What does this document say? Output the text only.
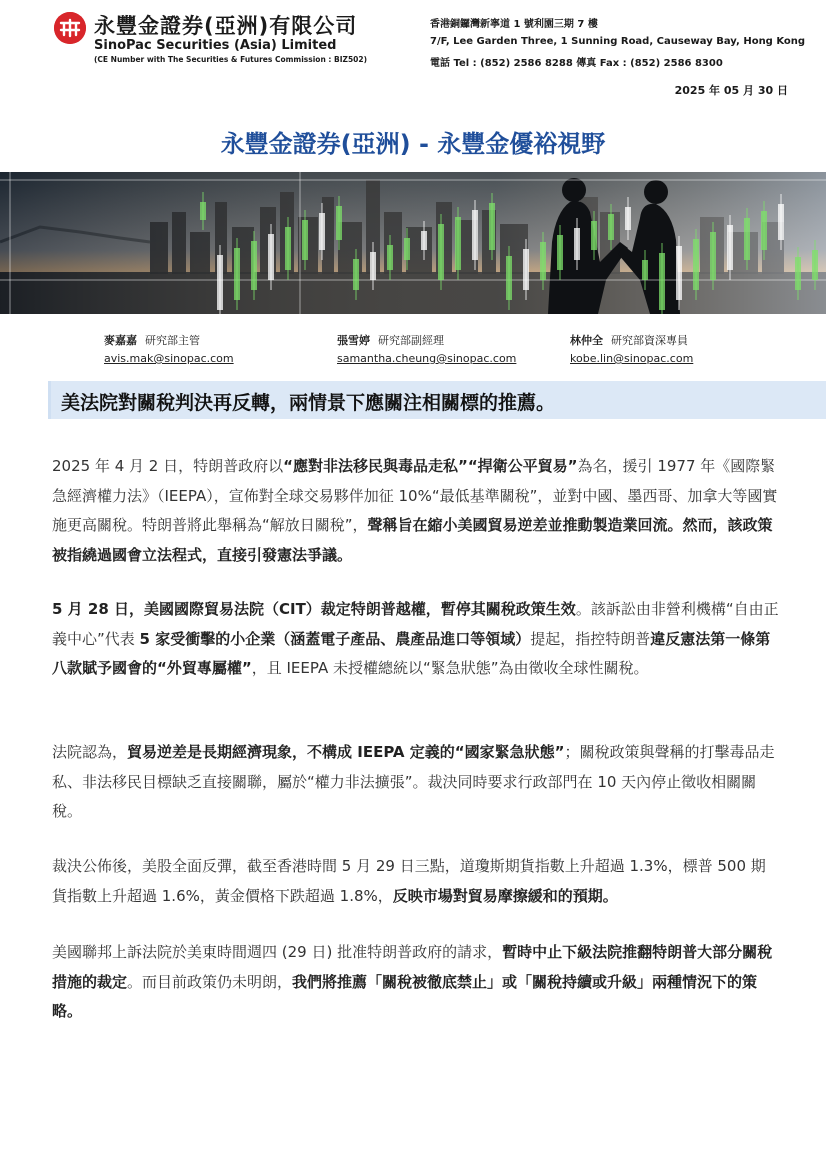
永豐金證券(亞洲)有限公司
SinoPac Securities (Asia) Limited
(CE Number with The Securities & Futures Commission : BIZ502)
香港銅鑼灣新寧道 1 號利園三期 7 樓
7/F, Lee Garden Three, 1 Sunning Road, Causeway Bay, Hong Kong
電話 Tel : (852) 2586 8288 傳真 Fax : (852) 2586 8300
2025 年 05 月 30 日
永豐金證券(亞洲) - 永豐金優裕視野
麥嘉嘉 研究部主管
avis.mak@sinopac.com
張雪婷 研究部副經理
samantha.cheung@sinopac.com
林仲全 研究部資深專員
kobe.lin@sinopac.com
美法院對關稅判決再反轉，兩情景下應關注相關標的推薦。
2025 年 4 月 2 日，特朗普政府以“應對非法移民與毒品走私”“捍衛公平貿易”為名，援引 1977 年《國際緊急經濟權力法》（IEEPA），宣佈對全球交易夥伴加征 10%“最低基準關稅”，並對中國、墨西哥、加拿大等國實施更高關稅。特朗普將此舉稱為“解放日關稅”，聲稱旨在縮小美國貿易逆差並推動製造業回流。然而，該政策被指繞過國會立法程式，直接引發憲法爭議。
5 月 28 日，美國國際貿易法院（CIT）裁定特朗普越權，暫停其關稅政策生效。該訴訟由非營利機構“自由正義中心”代表 5 家受衝擊的小企業（涵蓋電子產品、農產品進口等領域）提起，指控特朗普違反憲法第一條第八款賦予國會的“外貿專屬權”，且 IEEPA 未授權總統以“緊急狀態”為由徵收全球性關稅。
法院認為，貿易逆差是長期經濟現象，不構成 IEEPA 定義的“國家緊急狀態”；關稅政策與聲稱的打擊毒品走私、非法移民目標缺乏直接關聯，屬於“權力非法擴張”。裁決同時要求行政部門在 10 天內停止徵收相關關稅。
裁決公佈後，美股全面反彈，截至香港時間 5 月 29 日三點，道瓊斯期貨指數上升超過 1.3%，標普 500 期貨指數上升超過 1.6%，黃金價格下跌超過 1.8%，反映市場對貿易摩擦緩和的預期。
美國聯邦上訴法院於美東時間週四 (29 日) 批准特朗普政府的請求，暫時中止下級法院推翻特朗普大部分關稅措施的裁定。而目前政策仍未明朗，我們將推薦「關稅被徹底禁止」或「關稅持續或升級」兩種情況下的策略。
